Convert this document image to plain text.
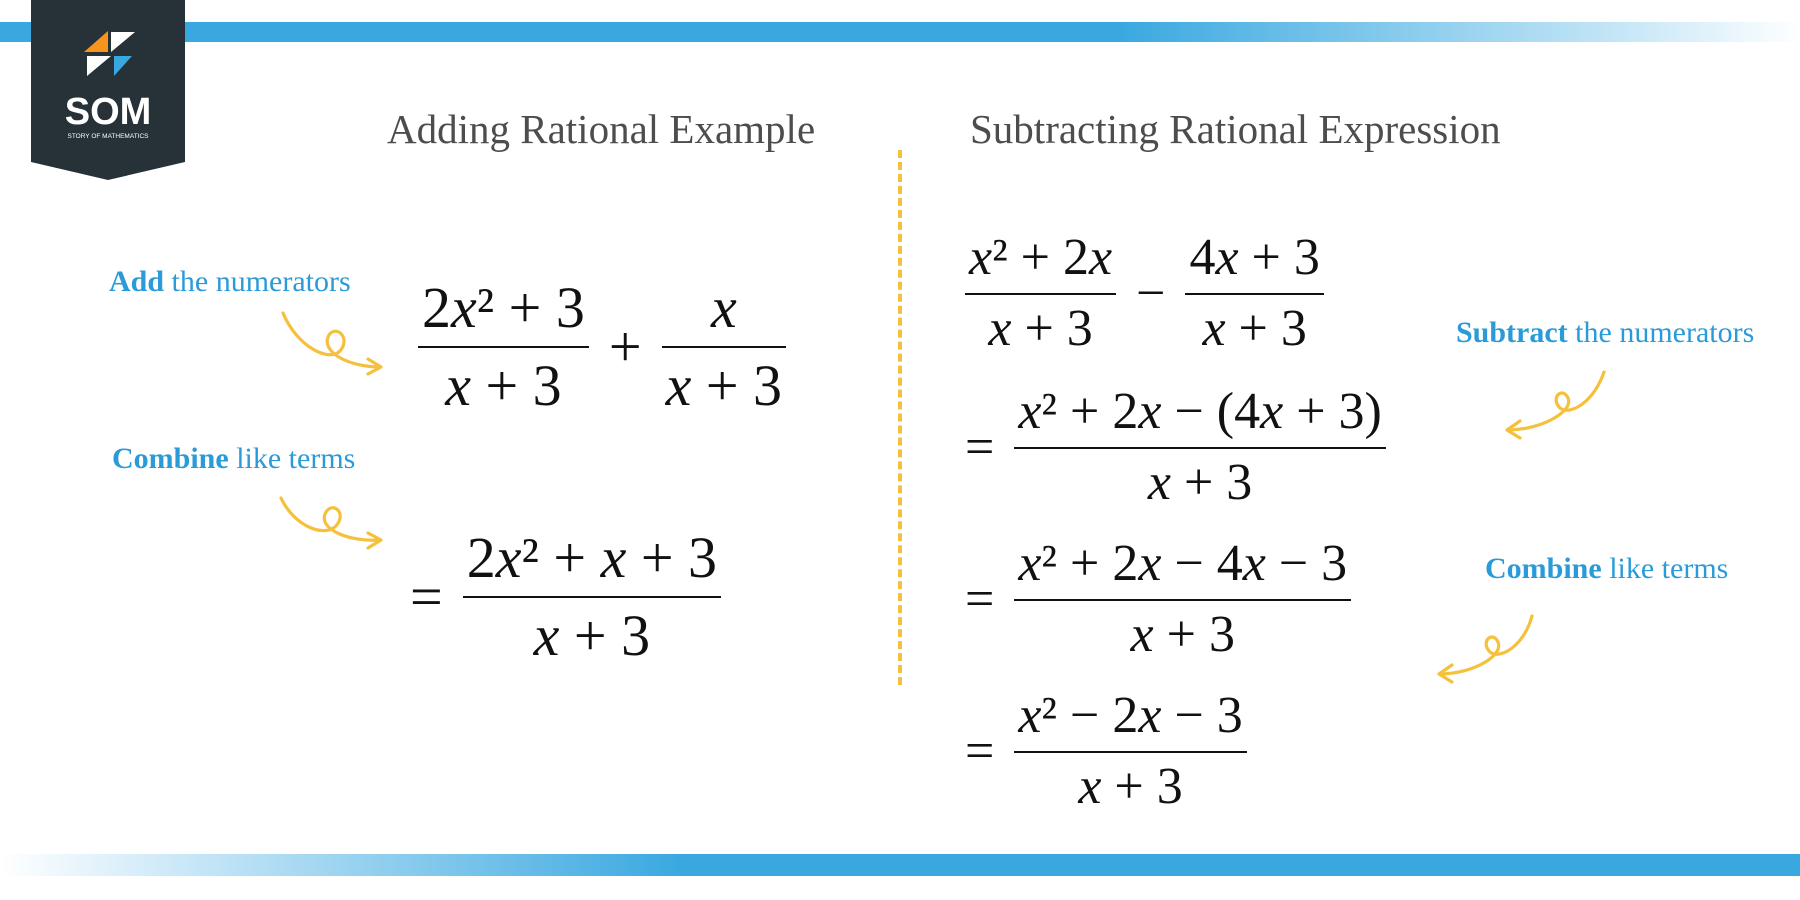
SOM
STORY OF MATHEMATICS	Adding Rational Example	Subtracting Rational Expression
Add the numerators
Combine like terms
Subtract the numerators
Combine like terms
$\frac{\text{2x² + 3}}{x + 3} + \frac{x}{x + 3}$
= $\frac{\text{2x² + x + 3}}{x + 3}$
$\frac{\text{x² + 2x}}{x + 3} - \frac{4x + 3}{x + 3}$
= $\frac{\text{x² + 2x − (4x + 3)}}{x + 3}$
= $\frac{\text{x² + 2x − 4x − 3}}{x + 3}$
= $\frac{\text{x² − 2x − 3}}{x + 3}$
